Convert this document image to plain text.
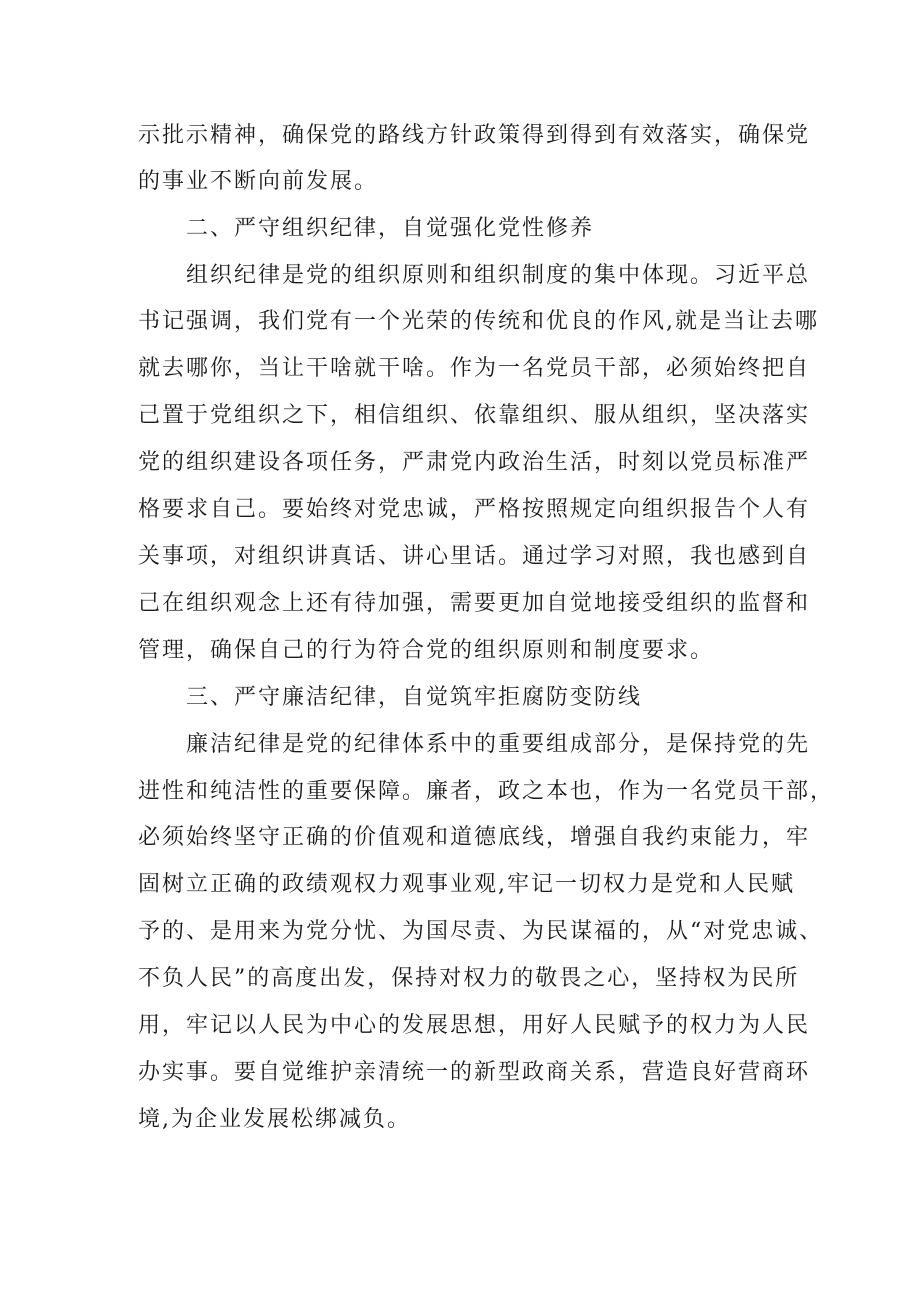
示批示精神，确保党的路线方针政策得到得到有效落实，确保党
的事业不断向前发展。
二、严守组织纪律，自觉强化党性修养
组织纪律是党的组织原则和组织制度的集中体现。习近平总
书记强调，我们党有一个光荣的传统和优良的作风,就是当让去哪
就去哪你，当让干啥就干啥。作为一名党员干部，必须始终把自
己置于党组织之下，相信组织、依靠组织、服从组织，坚决落实
党的组织建设各项任务，严肃党内政治生活，时刻以党员标准严
格要求自己。要始终对党忠诚，严格按照规定向组织报告个人有
关事项，对组织讲真话、讲心里话。通过学习对照，我也感到自
己在组织观念上还有待加强，需要更加自觉地接受组织的监督和
管理，确保自己的行为符合党的组织原则和制度要求。
三、严守廉洁纪律，自觉筑牢拒腐防变防线
廉洁纪律是党的纪律体系中的重要组成部分，是保持党的先
进性和纯洁性的重要保障。廉者，政之本也，作为一名党员干部，
必须始终坚守正确的价值观和道德底线，增强自我约束能力，牢
固树立正确的政绩观权力观事业观,牢记一切权力是党和人民赋
予的、是用来为党分忧、为国尽责、为民谋福的，从“对党忠诚、
不负人民”的高度出发，保持对权力的敬畏之心，坚持权为民所
用，牢记以人民为中心的发展思想，用好人民赋予的权力为人民
办实事。要自觉维护亲清统一的新型政商关系，营造良好营商环
境,为企业发展松绑减负。
